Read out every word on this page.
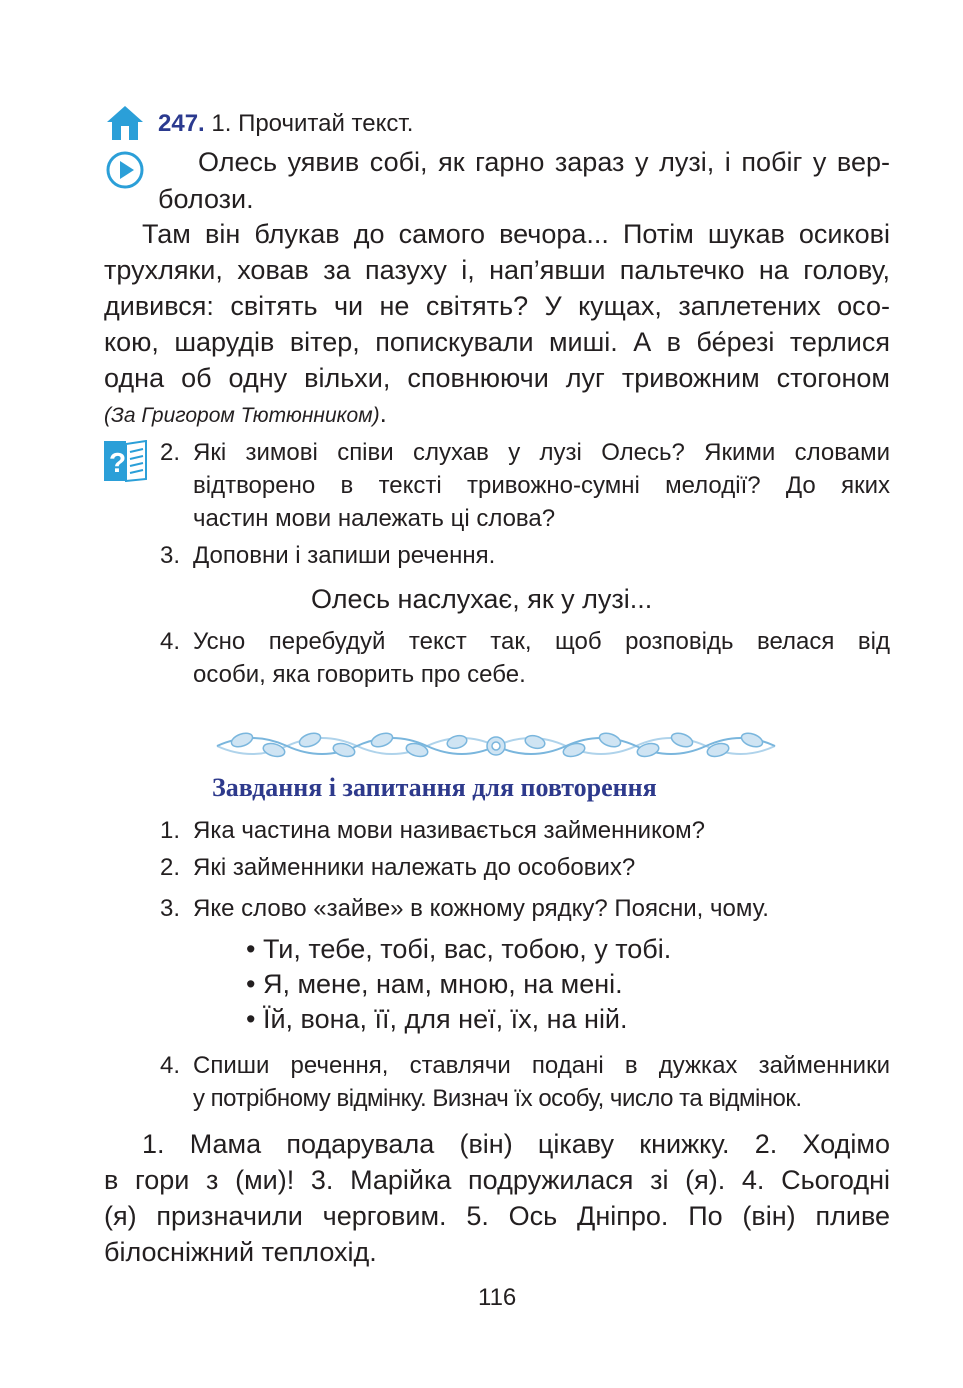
?
247. 1. Прочитай текст.
Олесь уявив собі, як гарно зараз у лузі, і побіг у вер-
болози.
Там він блукав до самого вечора... Потім шукав осикові
трухляки, ховав за пазуху і, нап’явши пальтечко на голову,
дивився: світять чи не світять? У кущах, заплетених осо-
кою, шарудів вітер, попискували миші. А в бе́резі терлися
одна об одну вільхи, сповнюючи луг тривожним стогоном
(За Григором Тютюнником).
2. Які зимові співи слухав у лузі Олесь? Якими словами
відтворено в тексті тривожно-сумні мелодії? До яких
частин мови належать ці слова?
3. Доповни і запиши речення.
Олесь наслухає, як у лузі...
4. Усно перебудуй текст так, щоб розповідь велася від
особи, яка говорить про себе.
Завдання і запитання для повторення
1. Яка частина мови називається займенником?
2. Які займенники належать до особових?
3. Яке слово «зайве» в кожному рядку? Поясни, чому.
• Ти, тебе, тобі, вас, тобою, у тобі.
• Я, мене, нам, мною, на мені.
• Їй, вона, її, для неї, їх, на ній.
4. Спиши речення, ставлячи подані в дужках займенники
у потрібному відмінку. Визнач їх особу, число та відмінок.
1. Мама подарувала (він) цікаву книжку. 2. Ходімо
в гори з (ми)! 3. Марійка подружилася зі (я). 4. Сьогодні
(я) призначили черговим. 5. Ось Дніпро. По (він) пливе
білосніжний теплохід.
116
